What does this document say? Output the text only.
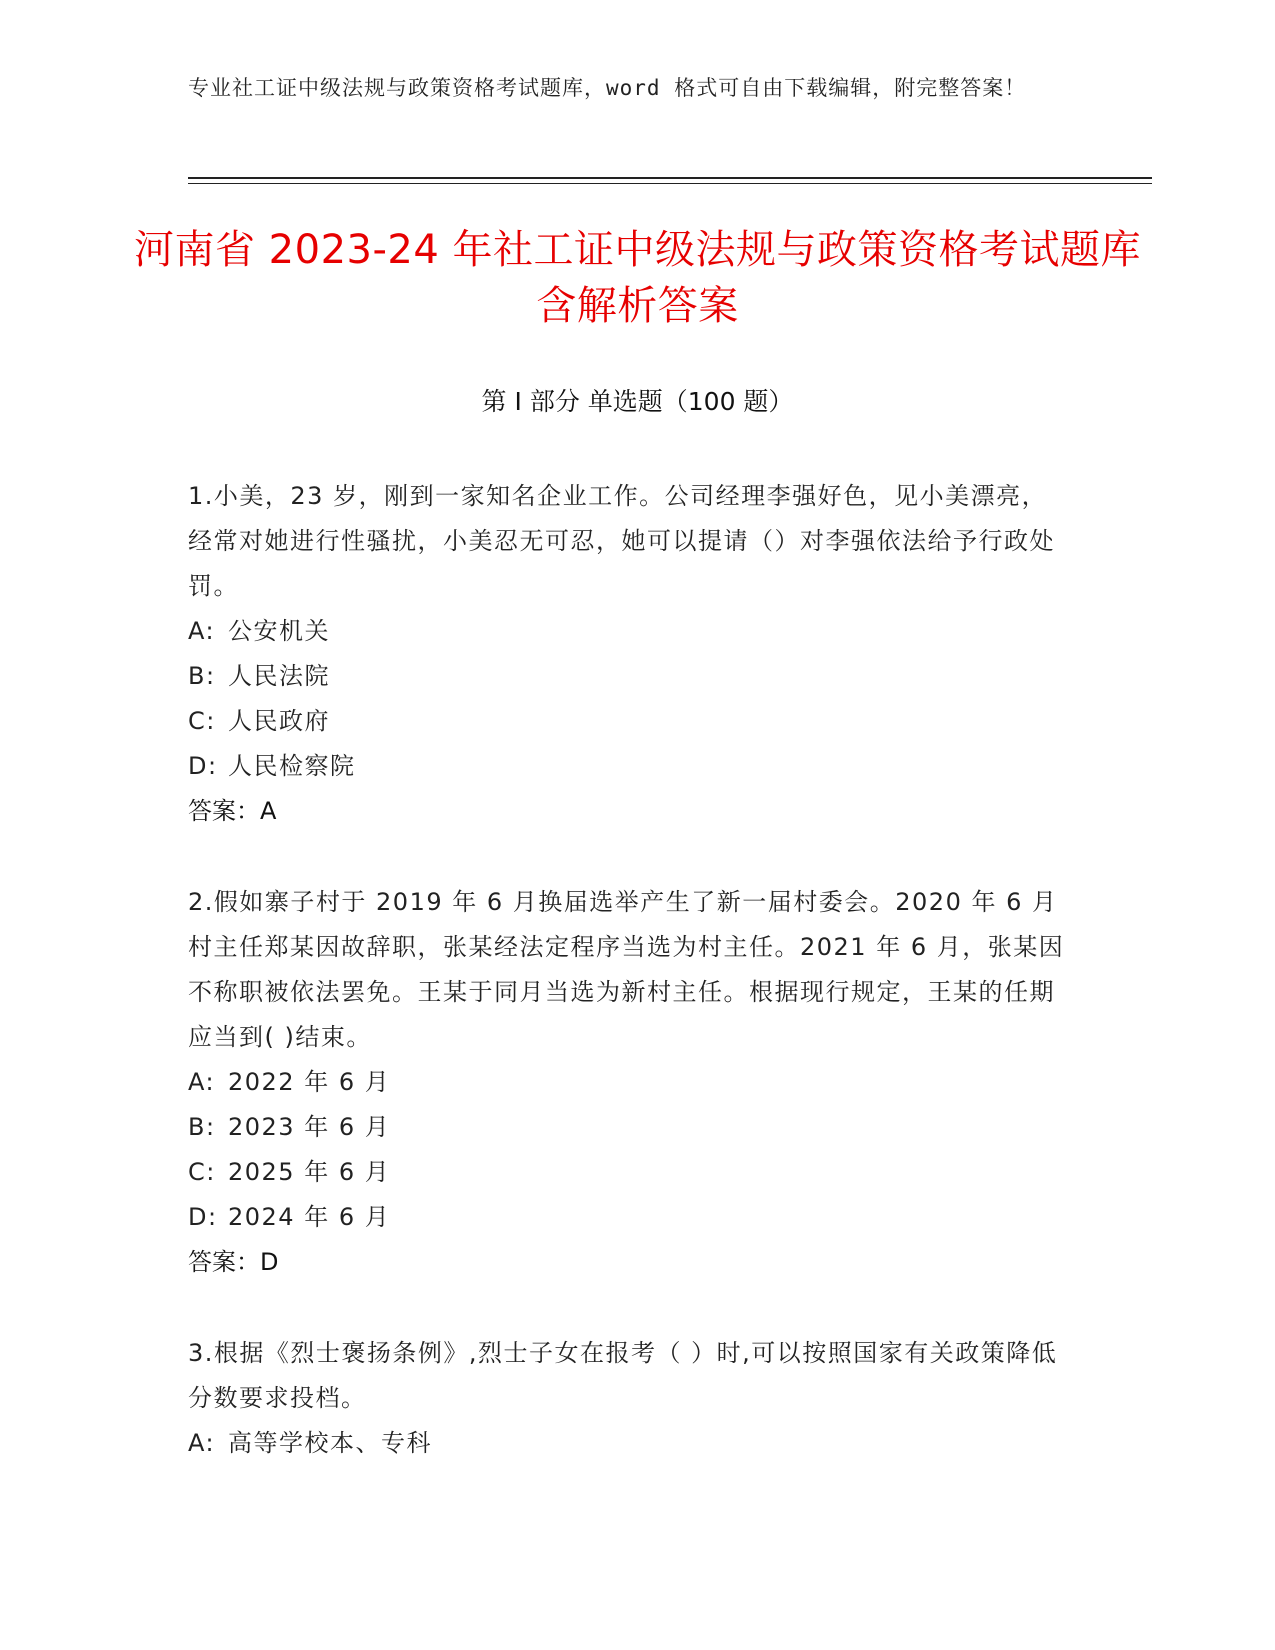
专业社工证中级法规与政策资格考试题库，word 格式可自由下载编辑，附完整答案！
河南省 2023-24 年社工证中级法规与政策资格考试题库含解析答案
第 I 部分 单选题（100 题）

1.小美，23 岁，刚到一家知名企业工作。公司经理李强好色，见小美漂亮，经常对她进行性骚扰，小美忍无可忍，她可以提请（）对李强依法给予行政处罚。

A: 公安机关

B: 人民法院

C: 人民政府

D: 人民检察院

答案：A

2.假如寨子村于 2019 年 6 月换届选举产生了新一届村委会。2020 年 6 月村主任郑某因故辞职，张某经法定程序当选为村主任。2021 年 6 月，张某因不称职被依法罢免。王某于同月当选为新村主任。根据现行规定，王某的任期应当到( )结束。

A: 2022 年 6 月

B: 2023 年 6 月

C: 2025 年 6 月

D: 2024 年 6 月

答案：D

3.根据《烈士褒扬条例》,烈士子女在报考（ ）时,可以按照国家有关政策降低分数要求投档。

A: 高等学校本、专科
